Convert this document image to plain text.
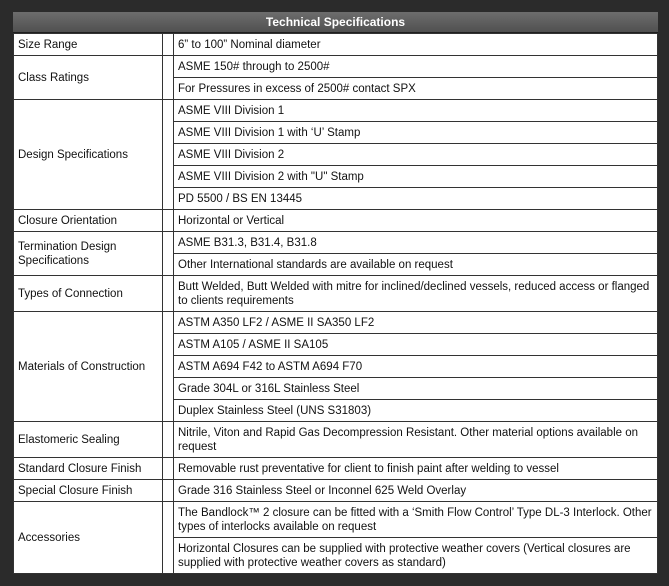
Technical Specifications
Size Range		6” to 100” Nominal diameter
Class Ratings		ASME 150# through to 2500#
		For Pressures in excess of 2500# contact SPX
Design Specifications		ASME VIII Division 1
		ASME VIII Division 1 with ‘U’ Stamp
		ASME VIII Division 2
		ASME VIII Division 2 with "U" Stamp
		PD 5500 / BS EN 13445
Closure Orientation		Horizontal or Vertical
Termination Design Specifications		ASME B31.3, B31.4, B31.8
		Other International standards are available on request
Types of Connection		Butt Welded, Butt Welded with mitre for inclined/declined vessels, reduced access or flanged to clients requirements
Materials of Construction		ASTM A350 LF2 / ASME II SA350 LF2
		ASTM A105 / ASME II SA105
		ASTM A694 F42 to ASTM A694 F70
		Grade 304L or 316L Stainless Steel
		Duplex Stainless Steel (UNS S31803)
Elastomeric Sealing		Nitrile, Viton and Rapid Gas Decompression Resistant. Other material options available on request
Standard Closure Finish		Removable rust preventative for client to finish paint after welding to vessel
Special Closure Finish		Grade 316 Stainless Steel or Inconnel 625 Weld Overlay
Accessories		The Bandlock™ 2 closure can be fitted with a ‘Smith Flow Control’ Type DL-3 Interlock. Other types of interlocks available on request
		Horizontal Closures can be supplied with protective weather covers (Vertical closures are supplied with protective weather covers as standard)
